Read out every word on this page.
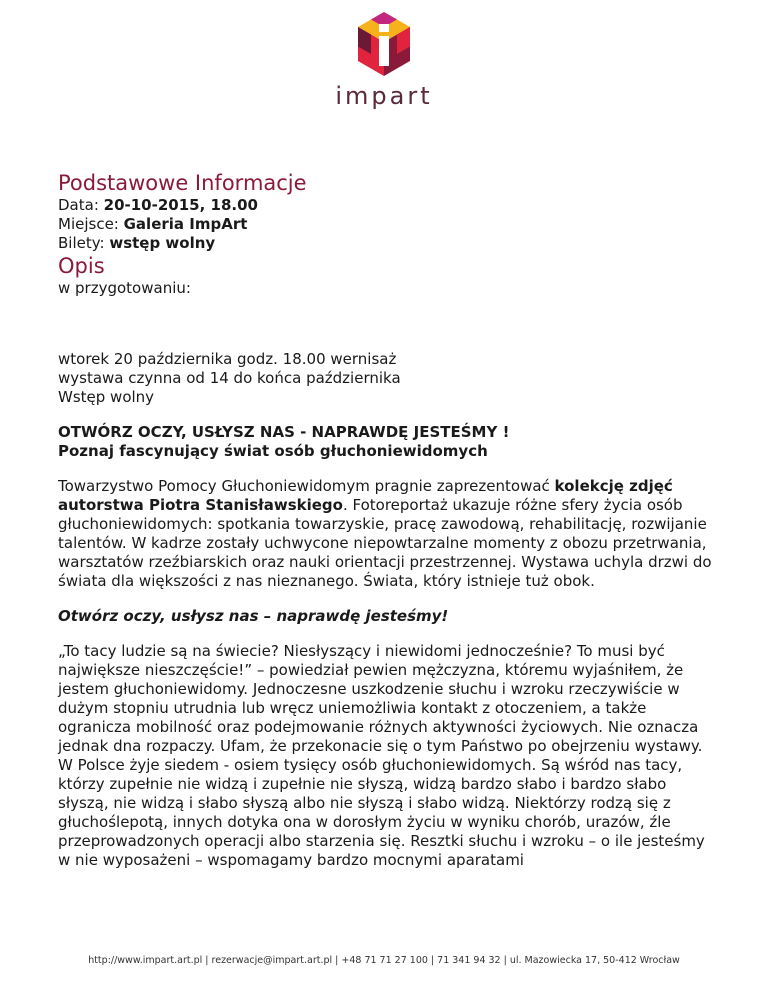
impart
Podstawowe Informacje

Data: 20-10-2015, 18.00

Miejsce: Galeria ImpArt

Bilety: wstęp wolny

Opis

w przygotowaniu:

wtorek 20 października godz. 18.00 wernisaż

wystawa czynna od 14 do końca października

Wstęp wolny

OTWÓRZ OCZY, USŁYSZ NAS - NAPRAWDĘ JESTEŚMY !

Poznaj fascynujący świat osób głuchoniewidomych

Towarzystwo Pomocy Głuchoniewidomym pragnie zaprezentować kolekcję zdjęć autorstwa Piotra Stanisławskiego. Fotoreportaż ukazuje różne sfery życia osób głuchoniewidomych: spotkania towarzyskie, pracę zawodową, rehabilitację, rozwijanie talentów. W kadrze zostały uchwycone niepowtarzalne momenty z obozu przetrwania, warsztatów rzeźbiarskich oraz nauki orientacji przestrzennej. Wystawa uchyla drzwi do świata dla większości z nas nieznanego. Świata, który istnieje tuż obok.

Otwórz oczy, usłysz nas – naprawdę jesteśmy!

„To tacy ludzie są na świecie? Niesłyszący i niewidomi jednocześnie? To musi być największe nieszczęście!” – powiedział pewien mężczyzna, któremu wyjaśniłem, że jestem głuchoniewidomy. Jednoczesne uszkodzenie słuchu i wzroku rzeczywiście w dużym stopniu utrudnia lub wręcz uniemożliwia kontakt z otoczeniem, a także ogranicza mobilność oraz podejmowanie różnych aktywności życiowych. Nie oznacza jednak dna rozpaczy. Ufam, że przekonacie się o tym Państwo po obejrzeniu wystawy.

W Polsce żyje siedem - osiem tysięcy osób głuchoniewidomych. Są wśród nas tacy, którzy zupełnie nie widzą i zupełnie nie słyszą, widzą bardzo słabo i bardzo słabo słyszą, nie widzą i słabo słyszą albo nie słyszą i słabo widzą. Niektórzy rodzą się z głuchoślepotą, innych dotyka ona w dorosłym życiu w wyniku chorób, urazów, źle przeprowadzonych operacji albo starzenia się. Resztki słuchu i wzroku – o ile jesteśmy w nie wyposażeni – wspomagamy bardzo mocnymi aparatami

http://www.impart.art.pl | rezerwacje@impart.art.pl | +48 71 71 27 100 | 71 341 94 32 | ul. Mazowiecka 17, 50-412 Wrocław
